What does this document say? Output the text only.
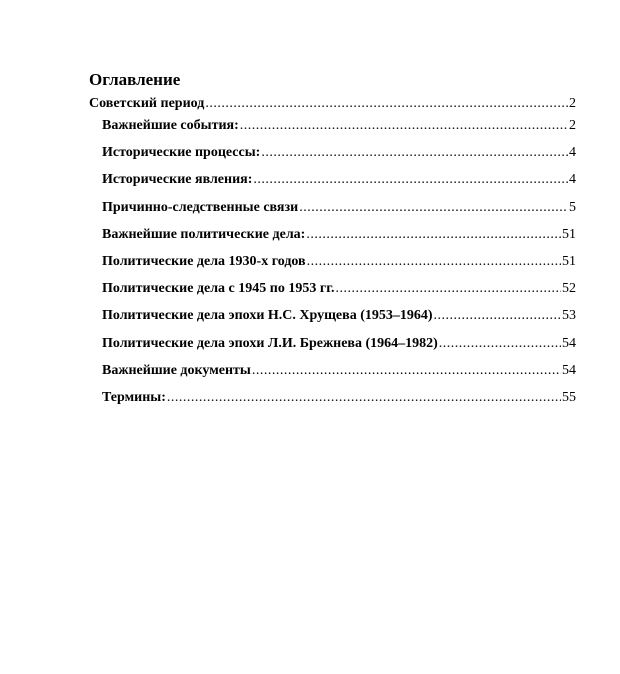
Оглавление
Советский период .....	2
Важнейшие события: .....	2
Исторические процессы: .....	4
Исторические явления: .....	4
Причинно-следственные связи .....	5
Важнейшие политические дела: .....	51
Политические дела 1930-х годов .....	51
Политические дела с 1945 по 1953 гг. .....	52
Политические дела эпохи Н.С. Хрущева (1953–1964) .....	53
Политические дела эпохи Л.И. Брежнева (1964–1982) .....	54
Важнейшие документы .....	54
Термины: .....	55
